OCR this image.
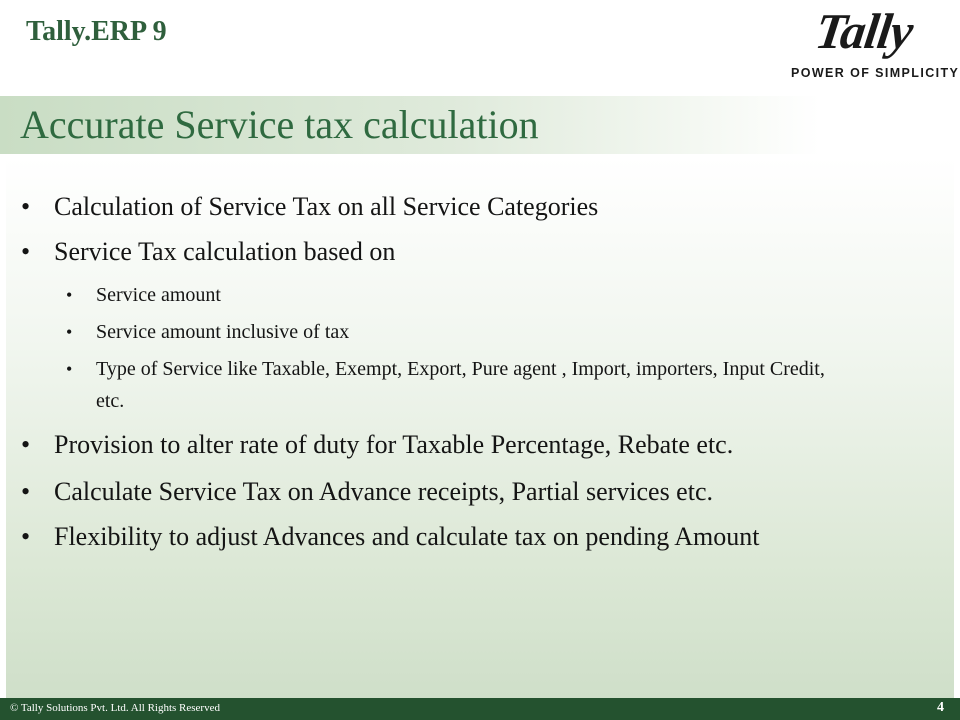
Tally.ERP 9	Tally
POWER OF SIMPLICITY
Accurate Service tax calculation
• Calculation of Service Tax on all Service Categories
• Service Tax calculation based on
• Service amount
• Service amount inclusive of tax
• Type of Service like Taxable, Exempt, Export, Pure agent , Import, importers, Input Credit, etc.
• Provision to alter rate of duty for Taxable Percentage, Rebate etc.
• Calculate Service Tax on Advance receipts, Partial services etc.
• Flexibility to adjust Advances and calculate tax on pending Amount
© Tally Solutions Pvt. Ltd. All Rights Reserved	4
